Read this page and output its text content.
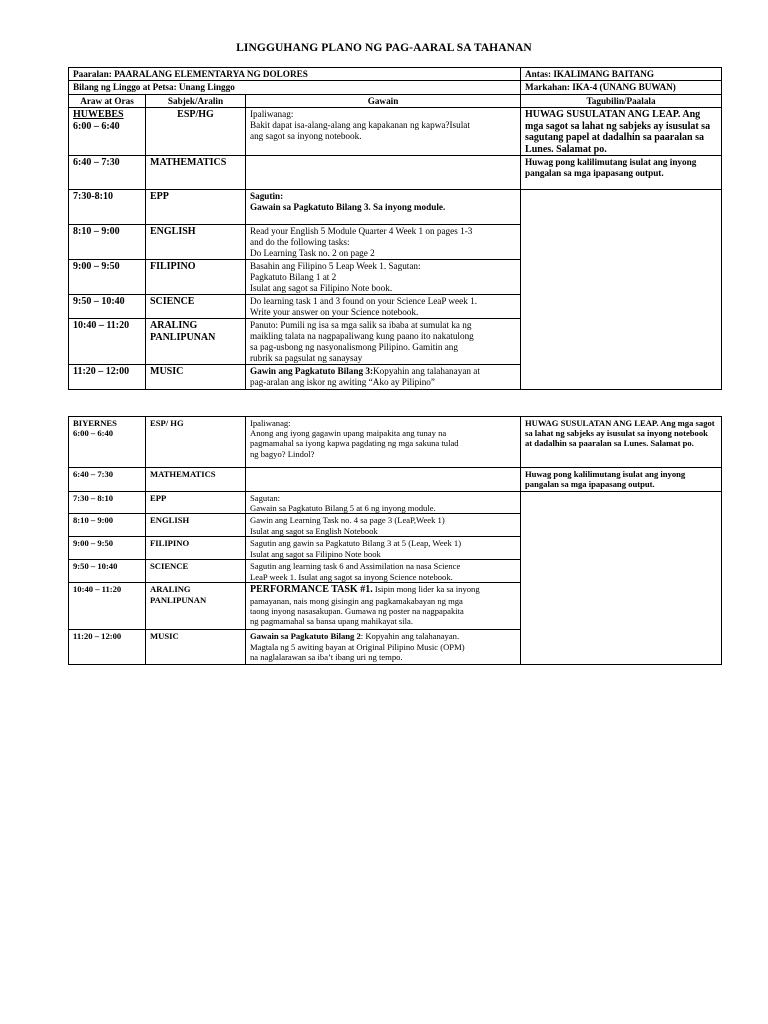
LINGGUHANG PLANO NG PAG-AARAL SA TAHANAN
Paaralan: PAARALANG ELEMENTARYA NG DOLORES			Antas: IKALIMANG BAITANG
Bilang ng Linggo at Petsa: Unang Linggo			Markahan: IKA-4 (UNANG BUWAN)
Araw at Oras	Sabjek/Aralin	Gawain	Tagubilin/Paalala

HUWEBES
6:00 – 6:40	ESP/HG	Ipaliwanag:
Bakit dapat isa-alang-alang ang kapakanan ng kapwa?Isulat
ang sagot sa inyong notebook.	HUWAG SUSULATAN ANG LEAP. Ang mga sagot sa lahat ng sabjeks ay isusulat sa sagutang papel at dadalhin sa paaralan sa Lunes. Salamat po.
6:40 – 7:30	MATHEMATICS		Huwag pong kalilimutang isulat ang inyong pangalan sa mga ipapasang output.
7:30-8:10	EPP	Sagutin:
Gawain sa Pagkatuto Bilang 3. Sa inyong module.	

8:10 – 9:00	ENGLISH	Read your English 5 Module Quarter 4 Week 1 on pages 1-3
and do the following tasks:
Do Learning Task no. 2 on page 2	

9:00 – 9:50	FILIPINO	Basahin ang Filipino 5 Leap Week 1. Sagutan:
Pagkatuto Bilang 1 at 2
Isulat ang sagot sa Filipino Note book.	

9:50 – 10:40	SCIENCE	Do learning task 1 and 3 found on your Science LeaP week 1.
Write your answer on your Science notebook.	

10:40 – 11:20	ARALING
PANLIPUNAN	Panuto: Pumili ng isa sa mga salik sa ibaba at sumulat ka ng
maikling talata na nagpapaliwang kung paano ito nakatulong
sa pag-usbong ng nasyonalismong Pilipino. Gamitin ang
rubrik sa pagsulat ng sanaysay	

11:20 – 12:00	MUSIC	Gawin ang Pagkatuto Bilang 3:Kopyahin ang talahanayan at
pag-aralan ang iskor ng awiting “Ako ay Pilipino”	
BIYERNES
6:00 – 6:40	ESP/ HG	Ipaliwanag:
Anong ang iyong gagawin upang maipakita ang tunay na
pagmamahal sa iyong kapwa pagdating ng mga sakuna tulad
ng bagyo? Lindol?	HUWAG SUSULATAN ANG LEAP. Ang mga sagot sa lahat ng sabjeks ay isusulat sa inyong notebook at dadalhin sa paaralan sa Lunes. Salamat po.
6:40 – 7:30	MATHEMATICS		Huwag pong kalilimutang isulat ang inyong pangalan sa mga ipapasang output.
7:30 – 8:10	EPP	Sagutan:
Gawain sa Pagkatuto Bilang 5 at 6 ng inyong module.	

8:10 – 9:00	ENGLISH	Gawin ang Learning Task no. 4 sa page 3 (LeaP,Week 1)
Isulat ang sagot sa English Notebook	

9:00 – 9:50	FILIPINO	Sagutin ang gawin sa Pagkatuto Bilang 3 at 5 (Leap, Week 1)
Isulat ang sagot sa Filipino Note book	

9:50 – 10:40	SCIENCE	Sagutin ang learning task 6 and Assimilation na nasa Science
LeaP week 1. Isulat ang sagot sa inyong Science notebook.	

10:40 – 11:20	ARALING
PANLIPUNAN	PERFORMANCE TASK #1. Isipin mong lider ka sa inyong
pamayanan, nais mong gisingin ang pagkamakabayan ng mga
taong inyong nasasakupan. Gumawa ng poster na nagpapakita
ng pagmamahal sa bansa upang mahikayat sila.	

11:20 – 12:00	MUSIC	Gawain sa Pagkatuto Bilang 2: Kopyahin ang talahanayan.
Magtala ng 5 awiting bayan at Original Pilipino Music (OPM)
na naglalarawan sa iba’t ibang uri ng tempo.	
